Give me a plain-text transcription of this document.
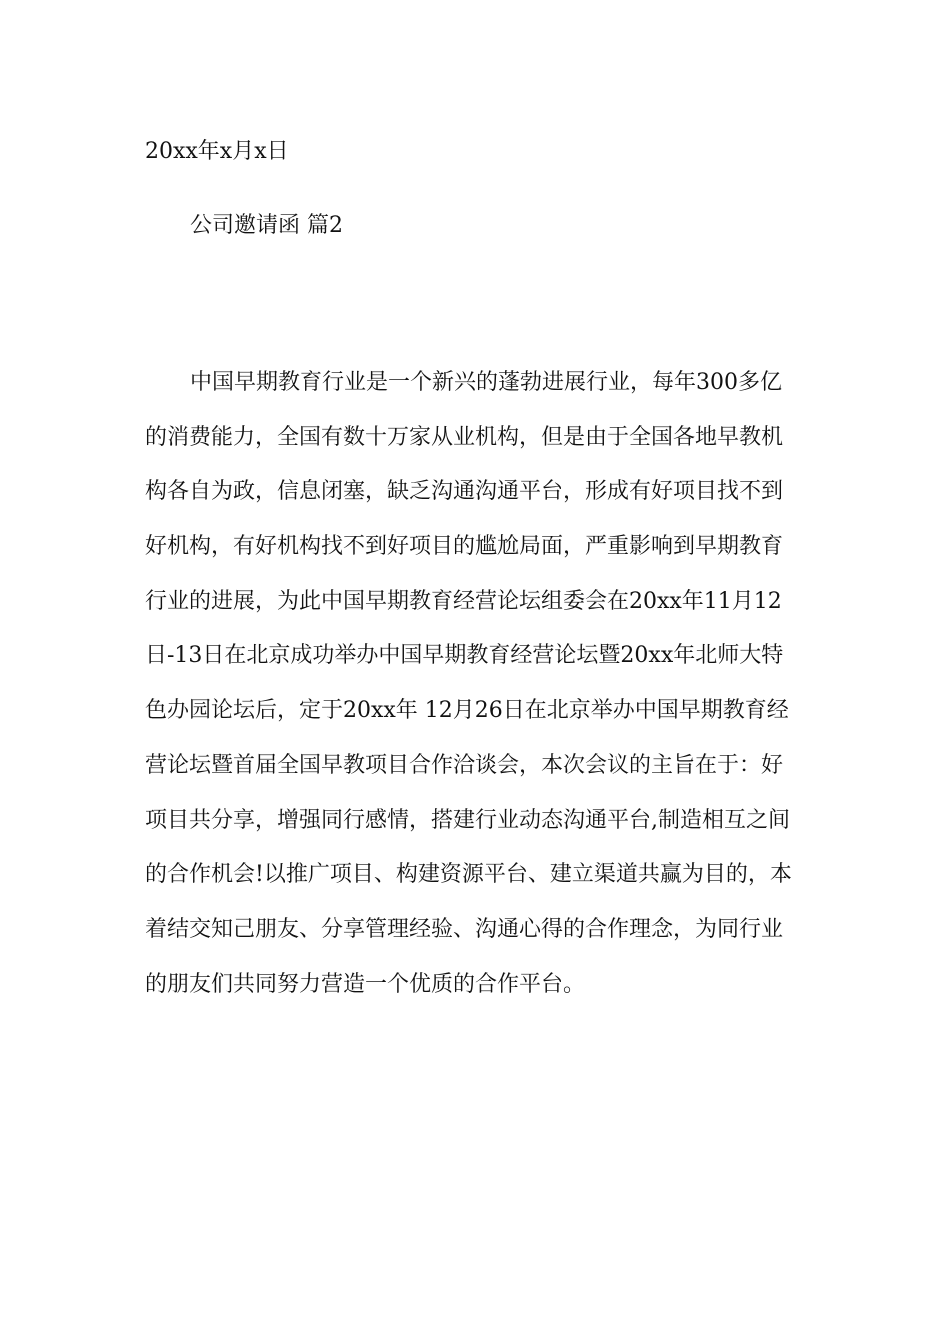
20xx年x月x日
公司邀请函 篇2
中国早期教育行业是一个新兴的蓬勃进展行业，每年300多亿
的消费能力，全国有数十万家从业机构，但是由于全国各地早教机
构各自为政，信息闭塞，缺乏沟通沟通平台，形成有好项目找不到
好机构，有好机构找不到好项目的尴尬局面，严重影响到早期教育
行业的进展，为此中国早期教育经营论坛组委会在20xx年11月12
日-13日在北京成功举办中国早期教育经营论坛暨20xx年北师大特
色办园论坛后，定于20xx年 12月26日在北京举办中国早期教育经
营论坛暨首届全国早教项目合作洽谈会，本次会议的主旨在于：好
项目共分享，增强同行感情，搭建行业动态沟通平台,制造相互之间
的合作机会!以推广项目、构建资源平台、建立渠道共赢为目的，本
着结交知己朋友、分享管理经验、沟通心得的合作理念，为同行业
的朋友们共同努力营造一个优质的合作平台。
